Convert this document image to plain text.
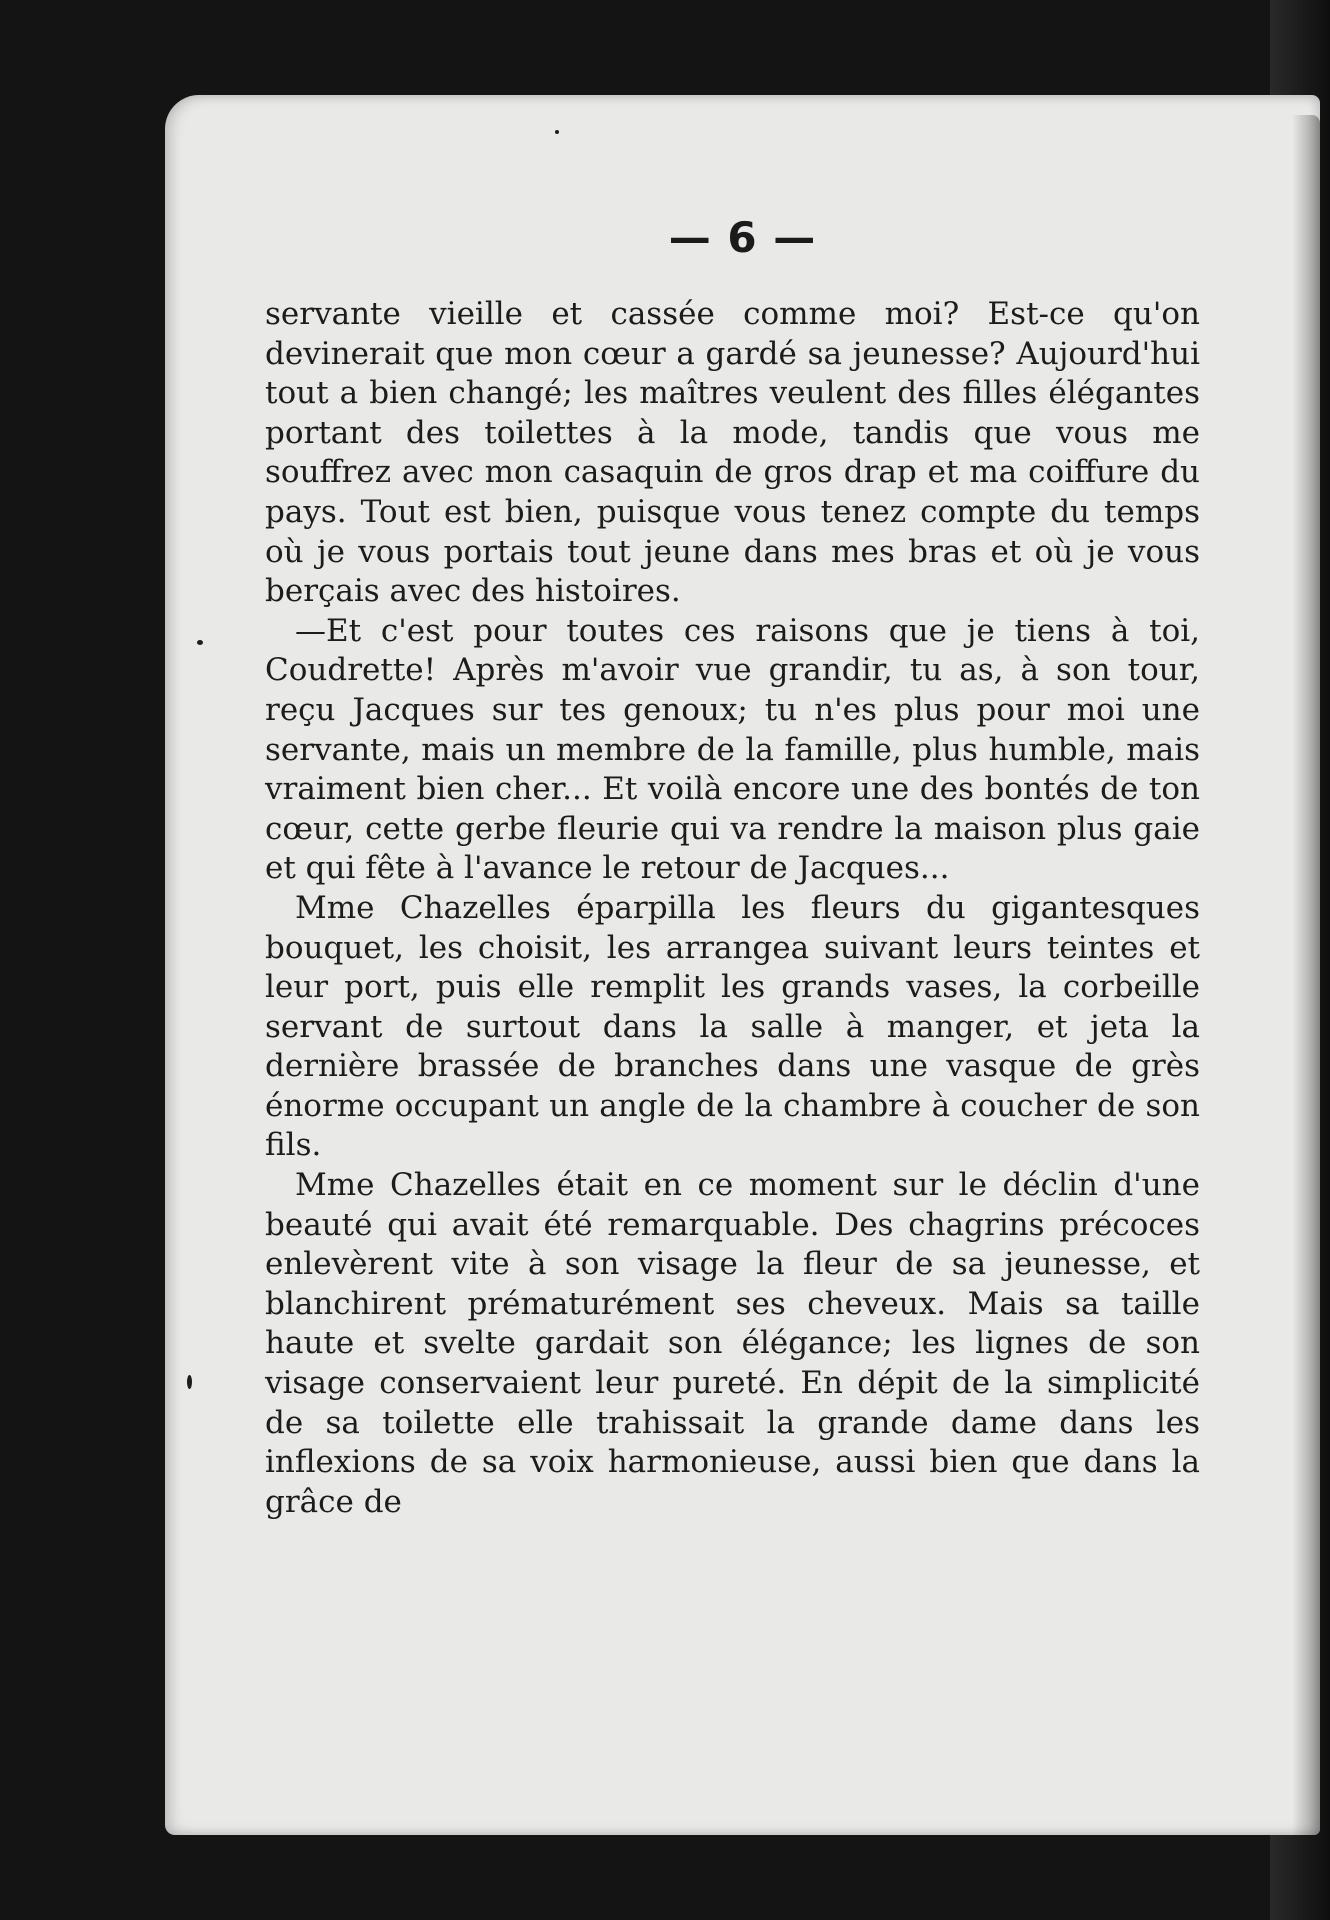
— 6 —

servante vieille et cassée comme moi? Est-ce qu'on devinerait que mon cœur a gardé sa jeunesse? Aujourd'hui tout a bien changé; les maîtres veulent des filles élégantes portant des toilettes à la mode, tandis que vous me souffrez avec mon casaquin de gros drap et ma coiffure du pays. Tout est bien, puisque vous tenez compte du temps où je vous portais tout jeune dans mes bras et où je vous berçais avec des histoires.

—Et c'est pour toutes ces raisons que je tiens à toi, Coudrette! Après m'avoir vue grandir, tu as, à son tour, reçu Jacques sur tes genoux; tu n'es plus pour moi une servante, mais un membre de la famille, plus humble, mais vraiment bien cher... Et voilà encore une des bontés de ton cœur, cette gerbe fleurie qui va rendre la maison plus gaie et qui fête à l'avance le retour de Jacques...

Mme Chazelles éparpilla les fleurs du gigantesques bouquet, les choisit, les arrangea suivant leurs teintes et leur port, puis elle remplit les grands vases, la corbeille servant de surtout dans la salle à manger, et jeta la dernière brassée de branches dans une vasque de grès énorme occupant un angle de la chambre à coucher de son fils.

Mme Chazelles était en ce moment sur le déclin d'une beauté qui avait été remarquable. Des chagrins précoces enlevèrent vite à son visage la fleur de sa jeunesse, et blanchirent prématurément ses cheveux. Mais sa taille haute et svelte gardait son élégance; les lignes de son visage conservaient leur pureté. En dépit de la simplicité de sa toilette elle trahissait la grande dame dans les inflexions de sa voix harmonieuse, aussi bien que dans la grâce de
